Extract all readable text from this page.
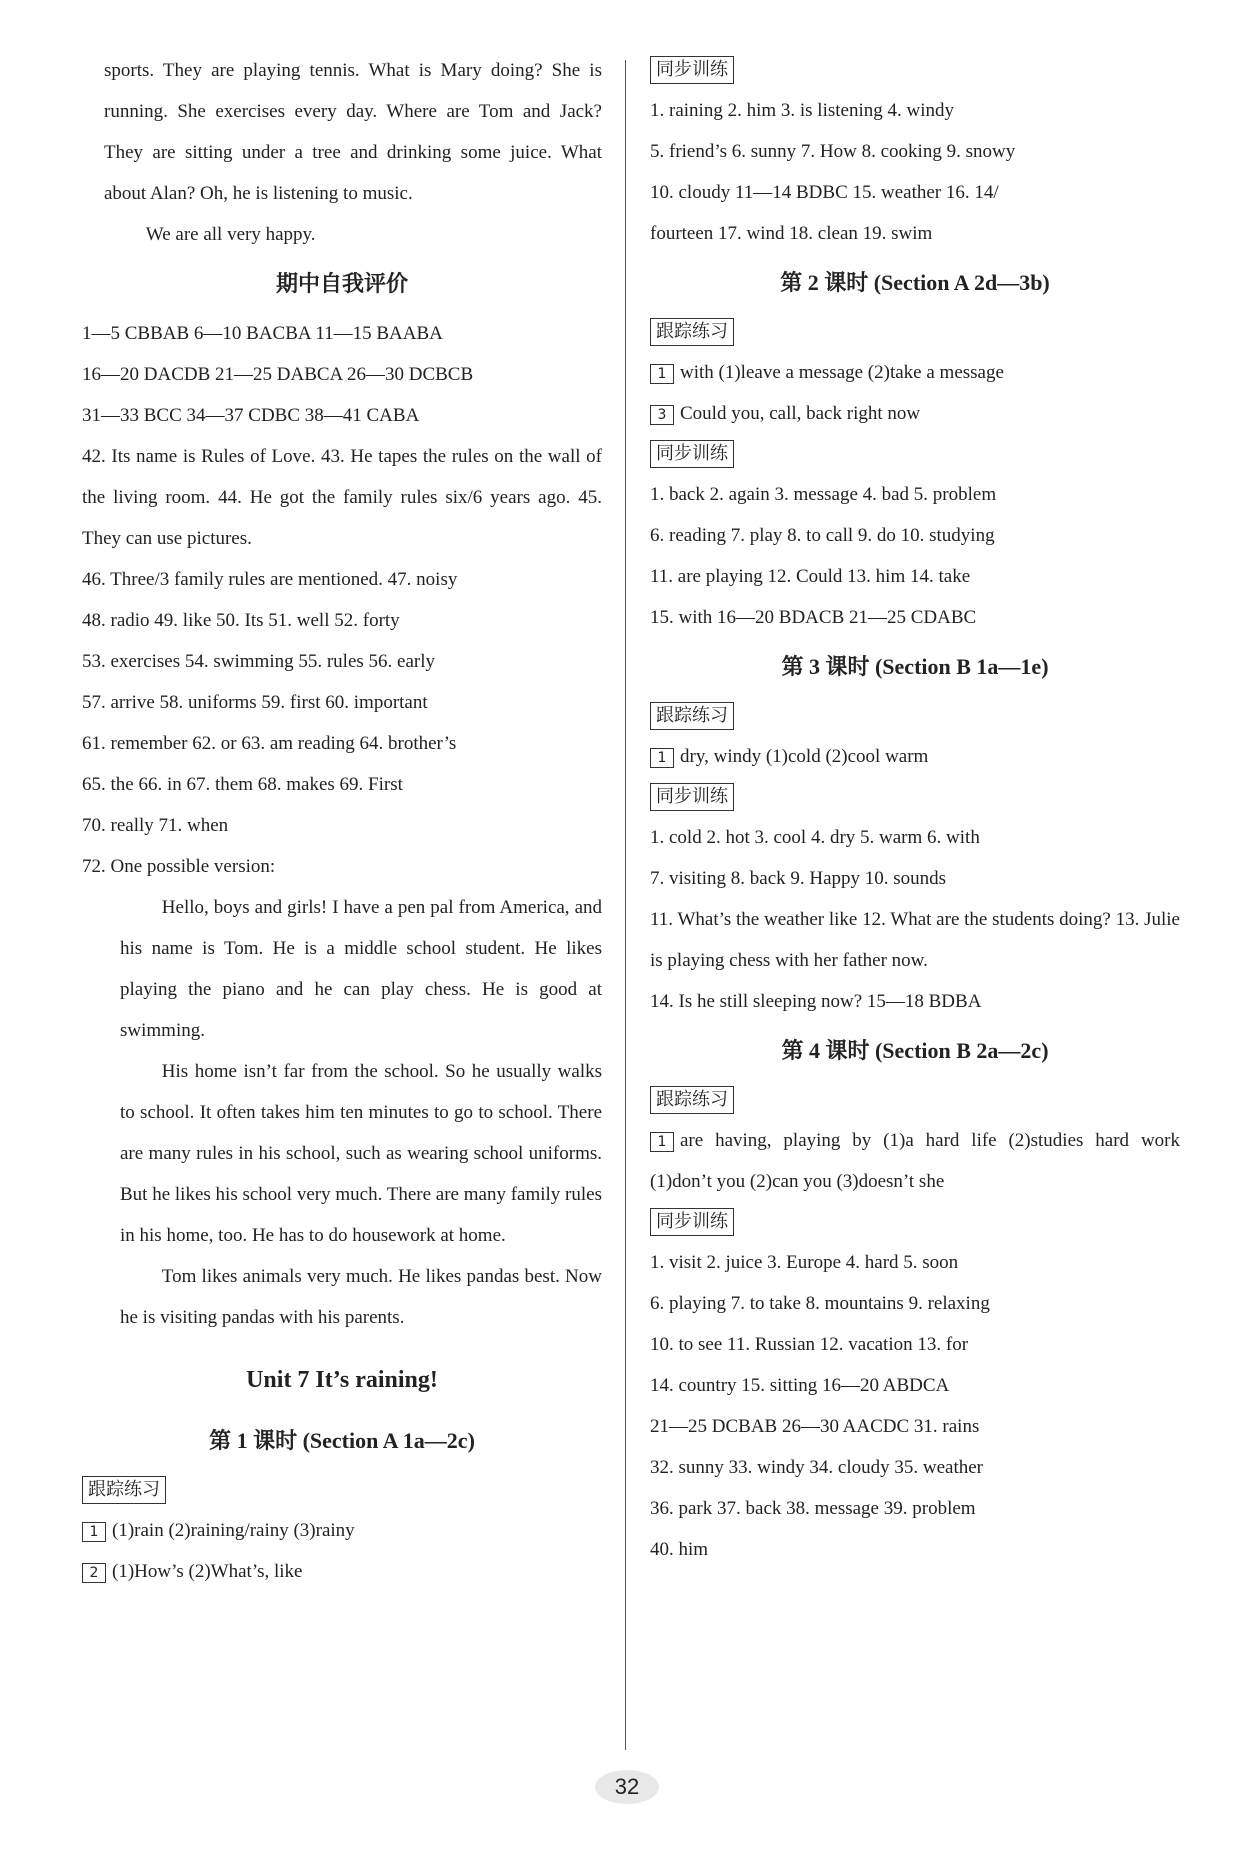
sports. They are playing tennis. What is Mary doing? She is running. She exercises every day. Where are Tom and Jack? They are sitting under a tree and drinking some juice. What about Alan? Oh, he is listening to music.

We are all very happy.

期中自我评价

1—5 CBBAB 6—10 BACBA 11—15 BAABA

16—20 DACDB 21—25 DABCA 26—30 DCBCB

31—33 BCC 34—37 CDBC 38—41 CABA

42. Its name is Rules of Love. 43. He tapes the rules on the wall of the living room. 44. He got the family rules six/6 years ago. 45. They can use pictures.

46. Three/3 family rules are mentioned. 47. noisy

48. radio 49. like 50. Its 51. well 52. forty

53. exercises 54. swimming 55. rules 56. early

57. arrive 58. uniforms 59. first 60. important

61. remember 62. or 63. am reading 64. brother’s

65. the 66. in 67. them 68. makes 69. First

70. really 71. when

72. One possible version:

Hello, boys and girls! I have a pen pal from America, and his name is Tom. He is a middle school student. He likes playing the piano and he can play chess. He is good at swimming.

His home isn’t far from the school. So he usually walks to school. It often takes him ten minutes to go to school. There are many rules in his school, such as wearing school uniforms. But he likes his school very much. There are many family rules in his home, too. He has to do housework at home.

Tom likes animals very much. He likes pandas best. Now he is visiting pandas with his parents.

Unit 7 It’s raining!
第 1 课时 (Section A 1a—2c)
跟踪练习

1 (1)rain (2)raining/rainy (3)rainy

2 (1)How’s (2)What’s, like

同步训练

1. raining 2. him 3. is listening 4. windy

5. friend’s 6. sunny 7. How 8. cooking 9. snowy

10. cloudy 11—14 BDBC 15. weather 16. 14/

fourteen 17. wind 18. clean 19. swim

第 2 课时 (Section A 2d—3b)
跟踪练习

1 with (1)leave a message (2)take a message

3 Could you, call, back right now

同步训练

1. back 2. again 3. message 4. bad 5. problem

6. reading 7. play 8. to call 9. do 10. studying

11. are playing 12. Could 13. him 14. take

15. with 16—20 BDACB 21—25 CDABC

第 3 课时 (Section B 1a—1e)
跟踪练习

1 dry, windy (1)cold (2)cool warm

同步训练

1. cold 2. hot 3. cool 4. dry 5. warm 6. with

7. visiting 8. back 9. Happy 10. sounds

11. What’s the weather like 12. What are the students doing? 13. Julie is playing chess with her father now.

14. Is he still sleeping now? 15—18 BDBA

第 4 课时 (Section B 2a—2c)
跟踪练习

1 are having, playing by (1)a hard life (2)studies hard work (1)don’t you (2)can you (3)doesn’t she

同步训练

1. visit 2. juice 3. Europe 4. hard 5. soon

6. playing 7. to take 8. mountains 9. relaxing

10. to see 11. Russian 12. vacation 13. for

14. country 15. sitting 16—20 ABDCA

21—25 DCBAB 26—30 AACDC 31. rains

32. sunny 33. windy 34. cloudy 35. weather

36. park 37. back 38. message 39. problem

40. him

32
